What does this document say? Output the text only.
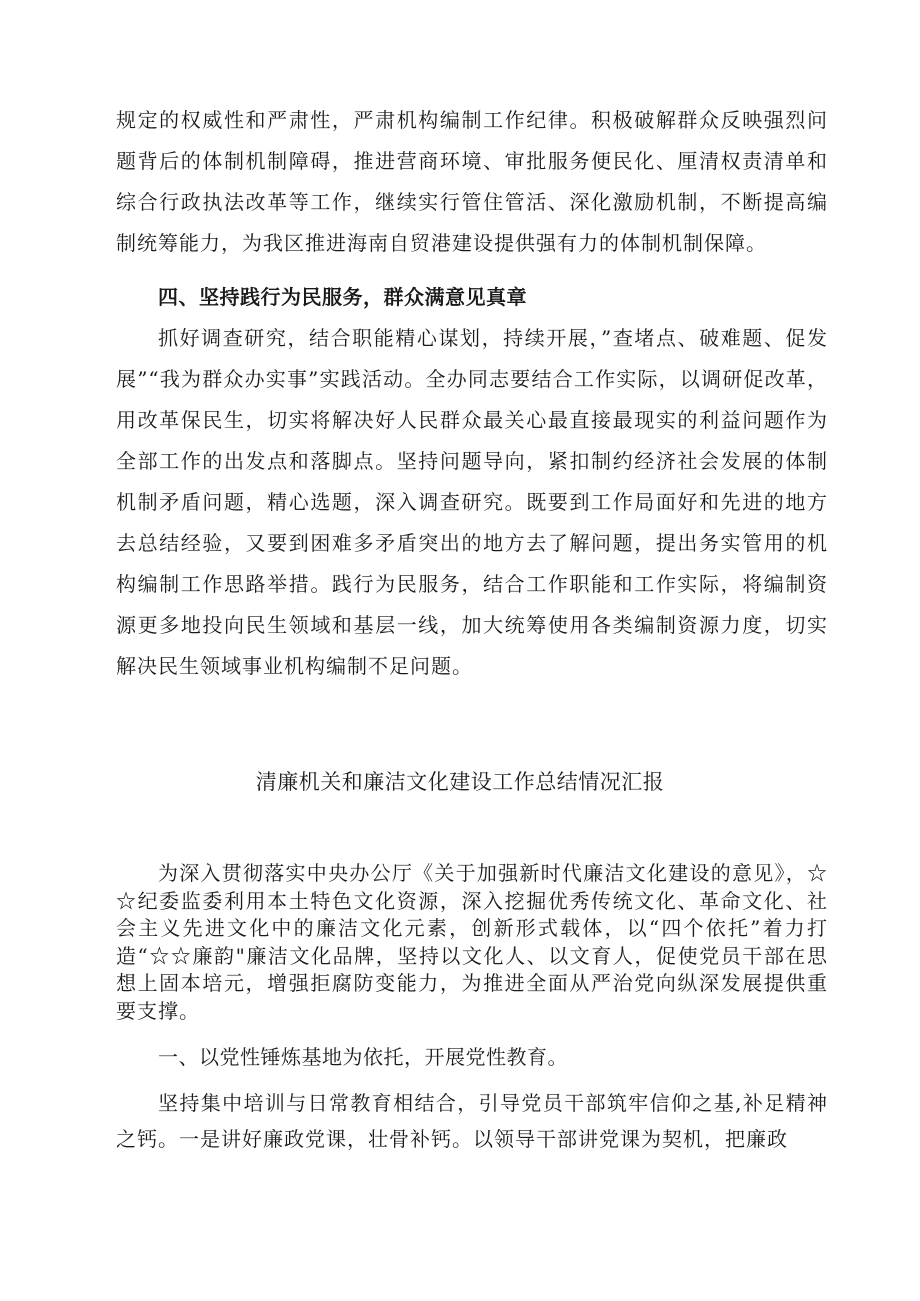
规定的权威性和严肃性，严肃机构编制工作纪律。积极破解群众反映强烈问题背后的体制机制障碍，推进营商环境、审批服务便民化、厘清权责清单和综合行政执法改革等工作，继续实行管住管活、深化激励机制，不断提高编制统筹能力，为我区推进海南自贸港建设提供强有力的体制机制保障。

四、坚持践行为民服务，群众满意见真章

抓好调查研究，结合职能精心谋划，持续开展，”查堵点、破难题、促发展”“我为群众办实事”实践活动。全办同志要结合工作实际，以调研促改革，用改革保民生，切实将解决好人民群众最关心最直接最现实的利益问题作为全部工作的出发点和落脚点。坚持问题导向，紧扣制约经济社会发展的体制机制矛盾问题，精心选题，深入调查研究。既要到工作局面好和先进的地方去总结经验，又要到困难多矛盾突出的地方去了解问题，提出务实管用的机构编制工作思路举措。践行为民服务，结合工作职能和工作实际，将编制资源更多地投向民生领域和基层一线，加大统筹使用各类编制资源力度，切实解决民生领域事业机构编制不足问题。

清廉机关和廉洁文化建设工作总结情况汇报

为深入贯彻落实中央办公厅《关于加强新时代廉洁文化建设的意见》，☆☆纪委监委利用本土特色文化资源，深入挖掘优秀传统文化、革命文化、社会主义先进文化中的廉洁文化元素，创新形式载体，以“四个依托”着力打造“☆☆廉韵"廉洁文化品牌，坚持以文化人、以文育人，促使党员干部在思想上固本培元，增强拒腐防变能力，为推进全面从严治党向纵深发展提供重要支撑。

一、以党性锤炼基地为依托，开展党性教育。

坚持集中培训与日常教育相结合，引导党员干部筑牢信仰之基,补足精神之钙。一是讲好廉政党课，壮骨补钙。以领导干部讲党课为契机，把廉政
